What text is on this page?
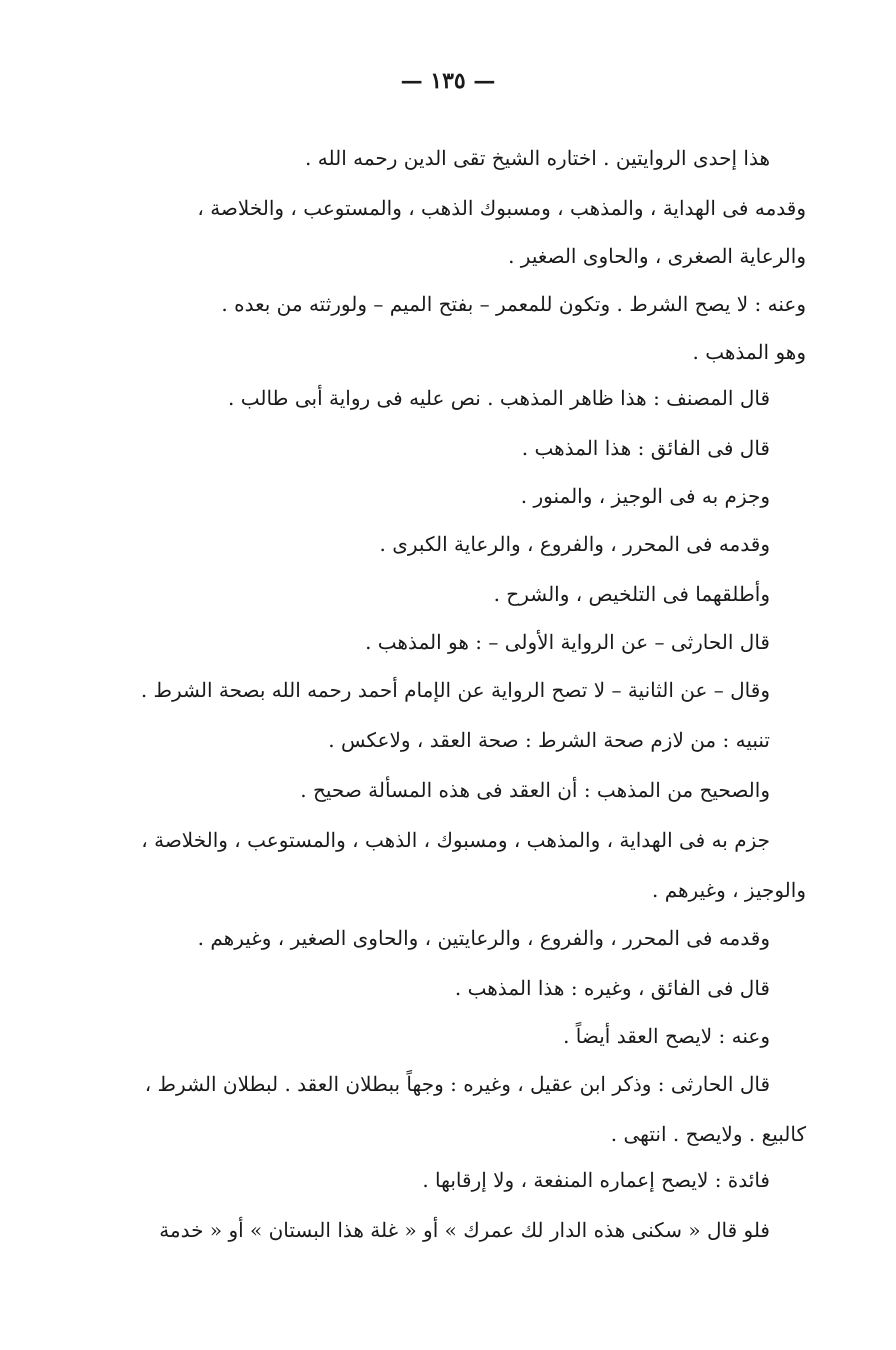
— ١٣٥ —
هذا إحدى الروايتين . اختاره الشيخ تقى الدين رحمه الله .
وقدمه فى الهداية ، والمذهب ، ومسبوك الذهب ، والمستوعب ، والخلاصة ،
والرعاية الصغرى ، والحاوى الصغير .
وعنه : لا يصح الشرط . وتكون للمعمر – بفتح الميم – ولورثته من بعده .
وهو المذهب .
قال المصنف : هذا ظاهر المذهب . نص عليه فى رواية أبى طالب .
قال فى الفائق : هذا المذهب .
وجزم به فى الوجيز ، والمنور .
وقدمه فى المحرر ، والفروع ، والرعاية الكبرى .
وأطلقهما فى التلخيص ، والشرح .
قال الحارثى – عن الرواية الأولى – : هو المذهب .
وقال – عن الثانية – لا تصح الرواية عن الإمام أحمد رحمه الله بصحة الشرط .
تنبيه : من لازم صحة الشرط : صحة العقد ، ولاعكس .
والصحيح من المذهب : أن العقد فى هذه المسألة صحيح .
جزم به فى الهداية ، والمذهب ، ومسبوك ، الذهب ، والمستوعب ، والخلاصة ،
والوجيز ، وغيرهم .
وقدمه فى المحرر ، والفروع ، والرعايتين ، والحاوى الصغير ، وغيرهم .
قال فى الفائق ، وغيره : هذا المذهب .
وعنه : لايصح العقد أيضاً .
قال الحارثى : وذكر ابن عقيل ، وغيره : وجهاً ببطلان العقد . لبطلان الشرط ،
كالبيع . ولايصح . انتهى .
فائدة : لايصح إعماره المنفعة ، ولا إرقابها .
فلو قال « سكنى هذه الدار لك عمرك » أو « غلة هذا البستان » أو « خدمة
